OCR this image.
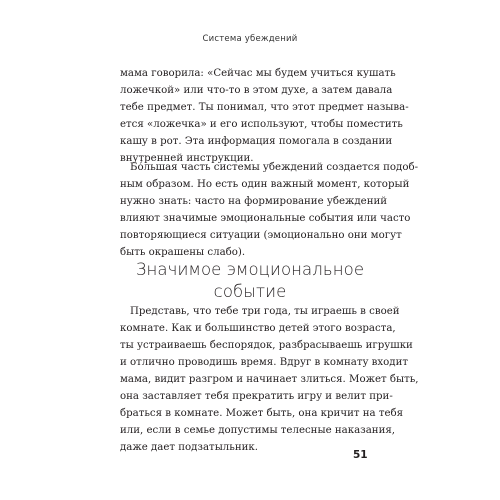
Система убеждений
мама говорила: «Сейчас мы будем учиться кушать
ложечкой» или что-то в этом духе, а затем давала
тебе предмет. Ты понимал, что этот предмет называ-
ется «ложечка» и его используют, чтобы поместить
кашу в рот. Эта информация помогала в создании
внутренней инструкции.
Бо́льшая часть системы убеждений создается подоб-
ным образом. Но есть один важный момент, который
нужно знать: часто на формирование убеждений
влияют значимые эмоциональные события или часто
повторяющиеся ситуации (эмоционально они могут
быть окрашены слабо).
Значимое эмоциональное
событие
Представь, что тебе три года, ты играешь в своей
комнате. Как и большинство детей этого возраста,
ты устраиваешь беспорядок, разбрасываешь игрушки
и отлично проводишь время. Вдруг в комнату входит
мама, видит разгром и начинает злиться. Может быть,
она заставляет тебя прекратить игру и велит при-
браться в комнате. Может быть, она кричит на тебя
или, если в семье допустимы телесные наказания,
даже дает подзатыльник.
51
